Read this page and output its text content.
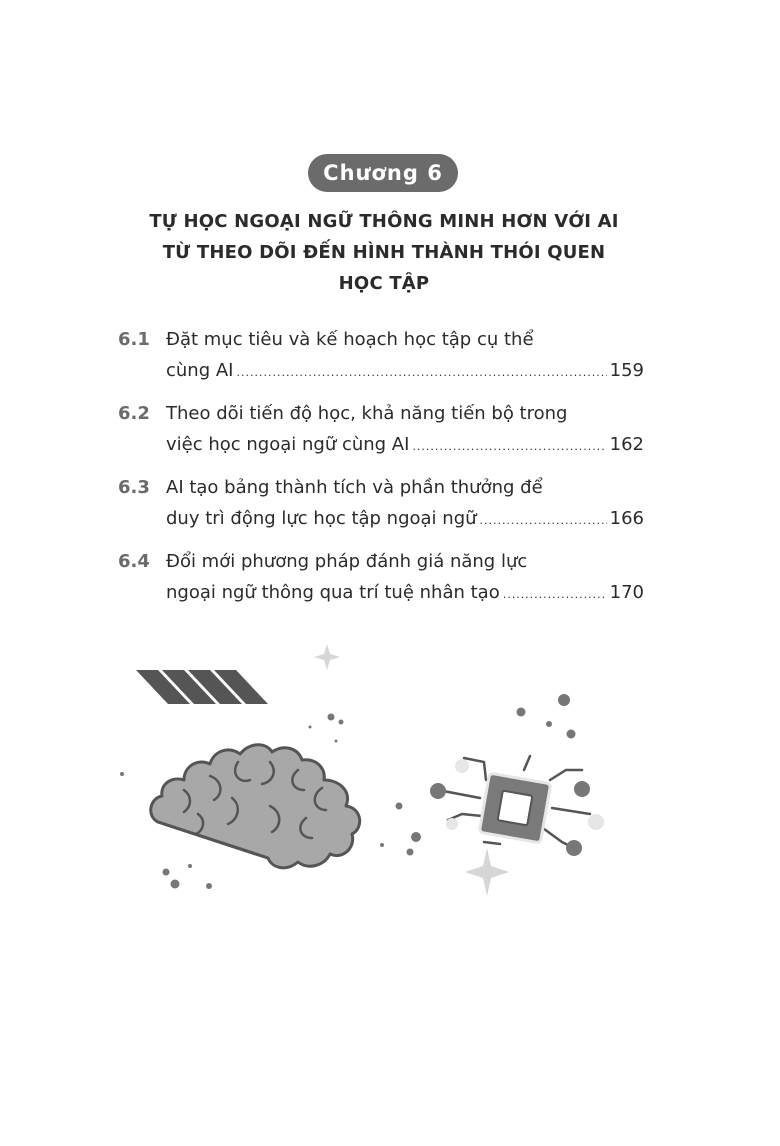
Chương 6
TỰ HỌC NGOẠI NGỮ THÔNG MINH HƠN VỚI AI
TỪ THEO DÕI ĐẾN HÌNH THÀNH THÓI QUEN
HỌC TẬP
6.1 Đặt mục tiêu và kế hoạch học tập cụ thể
cùng AI .....	159
6.2 Theo dõi tiến độ học, khả năng tiến bộ trong
việc học ngoại ngữ cùng AI .....	162
6.3 AI tạo bảng thành tích và phần thưởng để
duy trì động lực học tập ngoại ngữ .....	166
6.4 Đổi mới phương pháp đánh giá năng lực
ngoại ngữ thông qua trí tuệ nhân tạo .....	170
